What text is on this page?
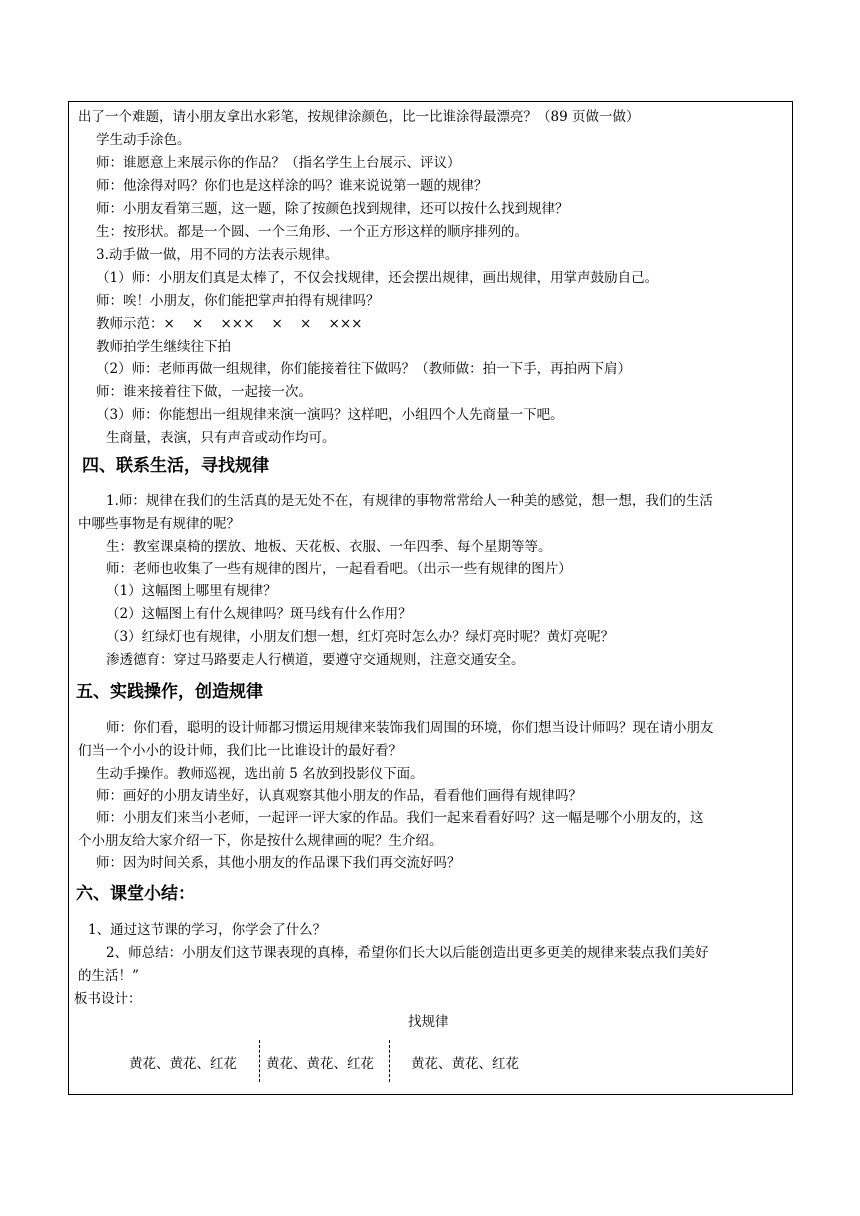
出了一个难题，请小朋友拿出水彩笔，按规律涂颜色，比一比谁涂得最漂亮？（89 页做一做）
学生动手涂色。
师：谁愿意上来展示你的作品？（指名学生上台展示、评议）
师：他涂得对吗？你们也是这样涂的吗？谁来说说第一题的规律？
师：小朋友看第三题，这一题，除了按颜色找到规律，还可以按什么找到规律？
生：按形状。都是一个圆、一个三角形、一个正方形这样的顺序排列的。
3.动手做一做，用不同的方法表示规律。
（1）师：小朋友们真是太棒了，不仅会找规律，还会摆出规律，画出规律，用掌声鼓励自己。
师：唉！小朋友，你们能把掌声拍得有规律吗？
教师示范：×    ×    ×××    ×    ×    ×××
教师拍学生继续往下拍
（2）师：老师再做一组规律，你们能接着往下做吗？（教师做：拍一下手，再拍两下肩）
师：谁来接着往下做，一起接一次。
（3）师：你能想出一组规律来演一演吗？这样吧，小组四个人先商量一下吧。
生商量，表演，只有声音或动作均可。
四、联系生活，寻找规律
1.师：规律在我们的生活真的是无处不在，有规律的事物常常给人一种美的感觉，想一想，我们的生活
中哪些事物是有规律的呢？
生：教室课桌椅的摆放、地板、天花板、衣服、一年四季、每个星期等等。
师：老师也收集了一些有规律的图片，一起看看吧。（出示一些有规律的图片）
（1）这幅图上哪里有规律？
（2）这幅图上有什么规律吗？斑马线有什么作用？
（3）红绿灯也有规律，小朋友们想一想，红灯亮时怎么办？绿灯亮时呢？黄灯亮呢？
渗透德育：穿过马路要走人行横道，要遵守交通规则，注意交通安全。
五、实践操作，创造规律
师：你们看，聪明的设计师都习惯运用规律来装饰我们周围的环境，你们想当设计师吗？现在请小朋友
们当一个小小的设计师，我们比一比谁设计的最好看？
生动手操作。教师巡视，选出前 5 名放到投影仪下面。
师：画好的小朋友请坐好，认真观察其他小朋友的作品，看看他们画得有规律吗？
师：小朋友们来当小老师，一起评一评大家的作品。我们一起来看看好吗？这一幅是哪个小朋友的，这
个小朋友给大家介绍一下，你是按什么规律画的呢？生介绍。
师：因为时间关系，其他小朋友的作品课下我们再交流好吗？
六、课堂小结：
1、通过这节课的学习，你学会了什么？
2、师总结：小朋友们这节课表现的真棒，希望你们长大以后能创造出更多更美的规律来装点我们美好
的生活！”
板书设计：
找规律
黄花、黄花、红花 黄花、黄花、红花	黄花、黄花、红花
